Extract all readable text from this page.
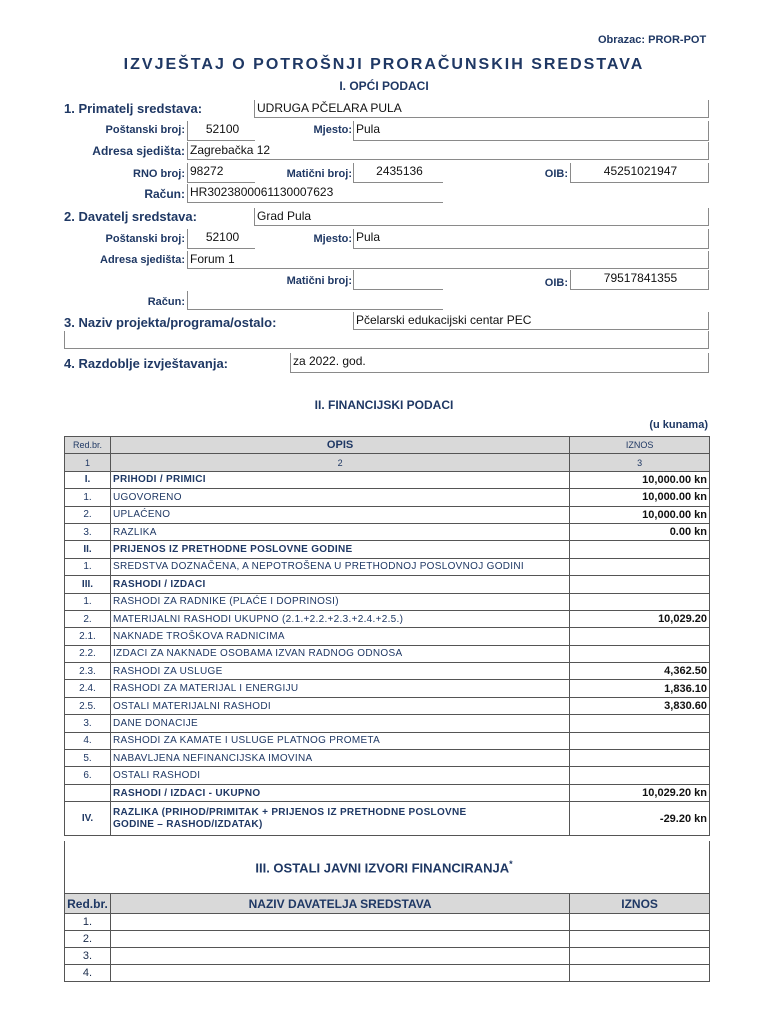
Obrazac: PROR-POT
IZVJEŠTAJ O POTROŠNJI PRORAČUNSKIH SREDSTAVA
I. OPĆI PODACI
1. Primatelj sredstava:	UDRUGA PČELARA PULA
Poštanski broj:	52100	Mjesto: Pula
Adresa sjedišta: Zagrebačka 12
RNO broj: 98272	Matični broj:	2435136	OIB:	45251021947
Račun: HR3023800061130007623
2. Davatelj sredstava:	Grad Pula
Poštanski broj:	52100	Mjesto: Pula
Adresa sjedišta: Forum 1
Matični broj:	OIB:	79517841355
Račun:
3. Naziv projekta/programa/ostalo:	Pčelarski edukacijski centar PEC
4. Razdoblje izvještavanja:	za 2022. god.
II. FINANCIJSKI PODACI
(u kunama)
Red.br.	OPIS	IZNOS
1	2	3
I.	PRIHODI / PRIMICI	10,000.00 kn
1.	UGOVORENO	10,000.00 kn
2.	UPLAĆENO	10,000.00 kn
3.	RAZLIKA	0.00 kn
II.	PRIJENOS IZ PRETHODNE POSLOVNE GODINE	
1.	SREDSTVA DOZNAČENA, A NEPOTROŠENA U PRETHODNOJ POSLOVNOJ GODINI	
III.	RASHODI / IZDACI	
1.	RASHODI ZA RADNIKE (PLAĆE I DOPRINOSI)	
2.	MATERIJALNI RASHODI UKUPNO (2.1.+2.2.+2.3.+2.4.+2.5.)	10,029.20
2.1.	NAKNADE TROŠKOVA RADNICIMA	
2.2.	IZDACI ZA NAKNADE OSOBAMA IZVAN RADNOG ODNOSA	
2.3.	RASHODI ZA USLUGE	4,362.50
2.4.	RASHODI ZA MATERIJAL I ENERGIJU	1,836.10
2.5.	OSTALI MATERIJALNI RASHODI	3,830.60
3.	DANE DONACIJE	
4.	RASHODI ZA KAMATE I USLUGE PLATNOG PROMETA	
5.	NABAVLJENA NEFINANCIJSKA IMOVINA	
6.	OSTALI RASHODI	
	RASHODI / IZDACI - UKUPNO	10,029.20 kn
IV.	RAZLIKA (PRIHOD/PRIMITAK + PRIJENOS IZ PRETHODNE POSLOVNE
GODINE – RASHOD/IZDATAK)	-29.20 kn
III. OSTALI JAVNI IZVORI FINANCIRANJA*
Red.br.	NAZIV DAVATELJA SREDSTAVA	IZNOS
1.		
2.		
3.		
4.		
